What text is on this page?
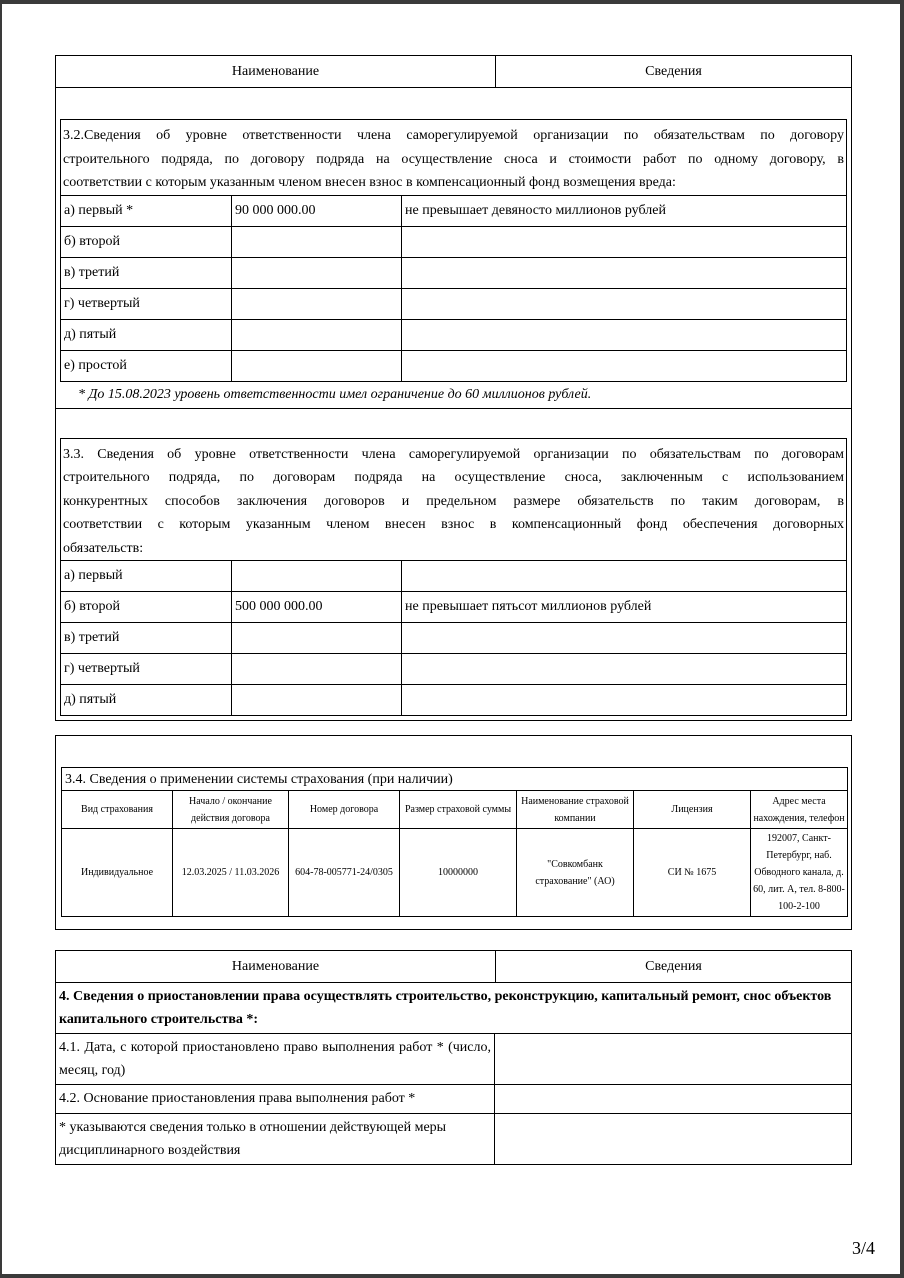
Наименование	Сведения
3.2.Сведения об уровне ответственности члена саморегулируемой организации по обязательствам по договору
строительного подряда, по договору подряда на осуществление сноса и стоимости работ по одному договору, в
соответствии с которым указанным членом внесен взнос в компенсационный фонд возмещения вреда:
а) первый *	90 000 000.00	не превышает девяносто миллионов рублей
б) второй		
в) третий		
г) четвертый		
д) пятый		
е) простой		
* До 15.08.2023 уровень ответственности имел ограничение до 60 миллионов рублей.
3.3. Сведения об уровне ответственности члена саморегулируемой организации по обязательствам по договорам
строительного подряда, по договорам подряда на осуществление сноса, заключенным с использованием
конкурентных способов заключения договоров и предельном размере обязательств по таким договорам, в
соответствии с которым указанным членом внесен взнос в компенсационный фонд обеспечения договорных
обязательств:
а) первый		
б) второй	500 000 000.00	не превышает пятьсот миллионов рублей
в) третий		
г) четвертый		
д) пятый		
3.4. Сведения о применении системы страхования (при наличии)						
Вид страхования	Начало / окончание действия договора	Номер договора	Размер страховой суммы	Наименование страховой компании	Лицензия	Адрес места нахождения, телефон
Индивидуальное	12.03.2025 / 11.03.2026	604-78-005771-24/0305	10000000	"Совкомбанк страхование" (АО)	СИ № 1675	192007, Санкт-Петербург, наб. Обводного канала, д. 60, лит. А, тел. 8-800-100-2-100
Наименование	Сведения
4. Сведения о приостановлении права осуществлять строительство, реконструкцию, капитальный ремонт, снос объектов капитального строительства *:	
4.1. Дата, с которой приостановлено право выполнения работ * (число, месяц, год)	
4.2. Основание приостановления права выполнения работ *	
* указываются сведения только в отношении действующей меры дисциплинарного воздействия	
3/4
